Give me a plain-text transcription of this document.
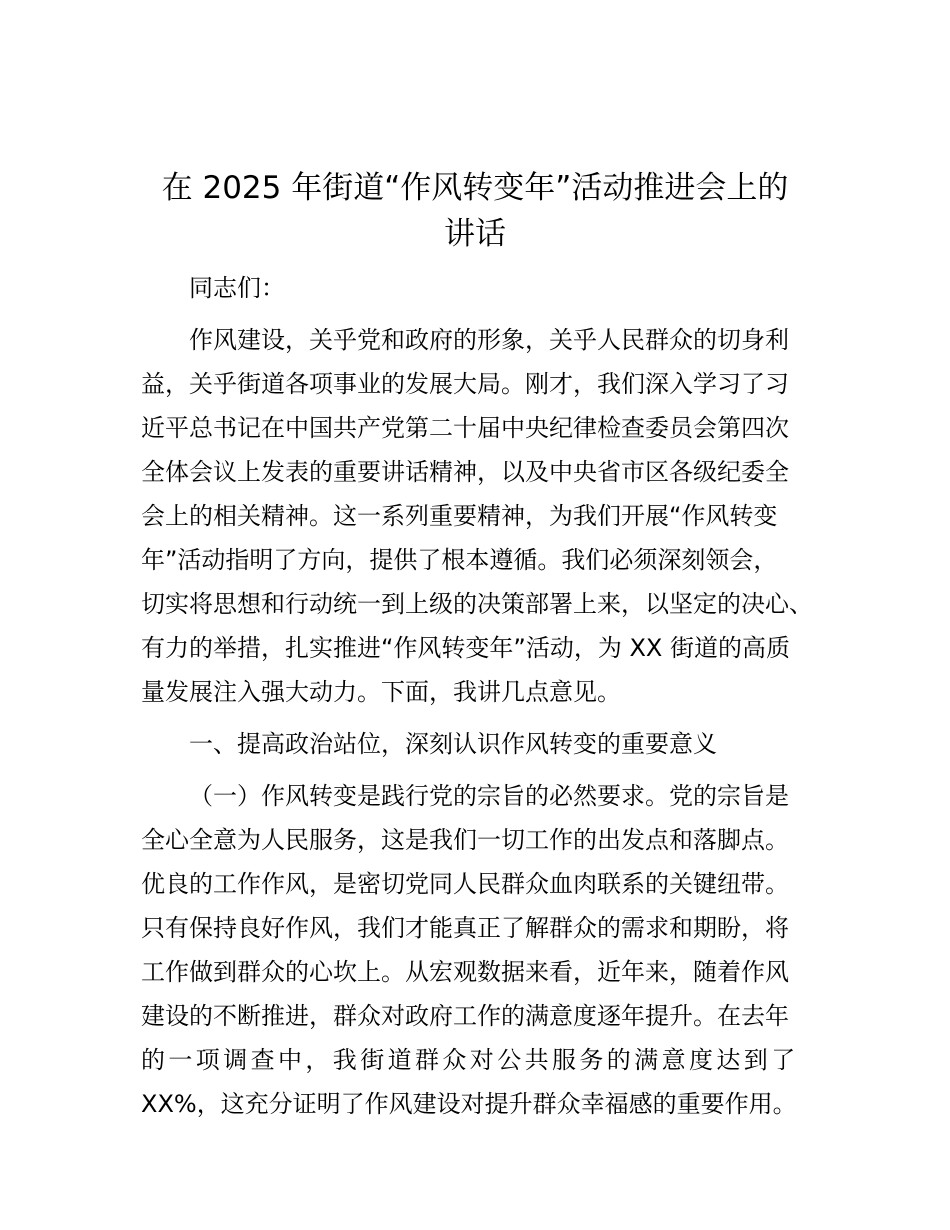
在 2025 年街道“作风转变年”活动推进会上的
讲话
同志们：
作风建设，关乎党和政府的形象，关乎人民群众的切身利
益，关乎街道各项事业的发展大局。刚才，我们深入学习了习
近平总书记在中国共产党第二十届中央纪律检查委员会第四次
全体会议上发表的重要讲话精神，以及中央省市区各级纪委全
会上的相关精神。这一系列重要精神，为我们开展“作风转变
年”活动指明了方向，提供了根本遵循。我们必须深刻领会，
切实将思想和行动统一到上级的决策部署上来，以坚定的决心、
有力的举措，扎实推进“作风转变年”活动，为 XX 街道的高质
量发展注入强大动力。下面，我讲几点意见。
一、提高政治站位，深刻认识作风转变的重要意义
（一）作风转变是践行党的宗旨的必然要求。党的宗旨是
全心全意为人民服务，这是我们一切工作的出发点和落脚点。
优良的工作作风，是密切党同人民群众血肉联系的关键纽带。
只有保持良好作风，我们才能真正了解群众的需求和期盼，将
工作做到群众的心坎上。从宏观数据来看，近年来，随着作风
建设的不断推进，群众对政府工作的满意度逐年提升。在去年
的一项调查中，我街道群众对公共服务的满意度达到了
XX%，这充分证明了作风建设对提升群众幸福感的重要作用。
